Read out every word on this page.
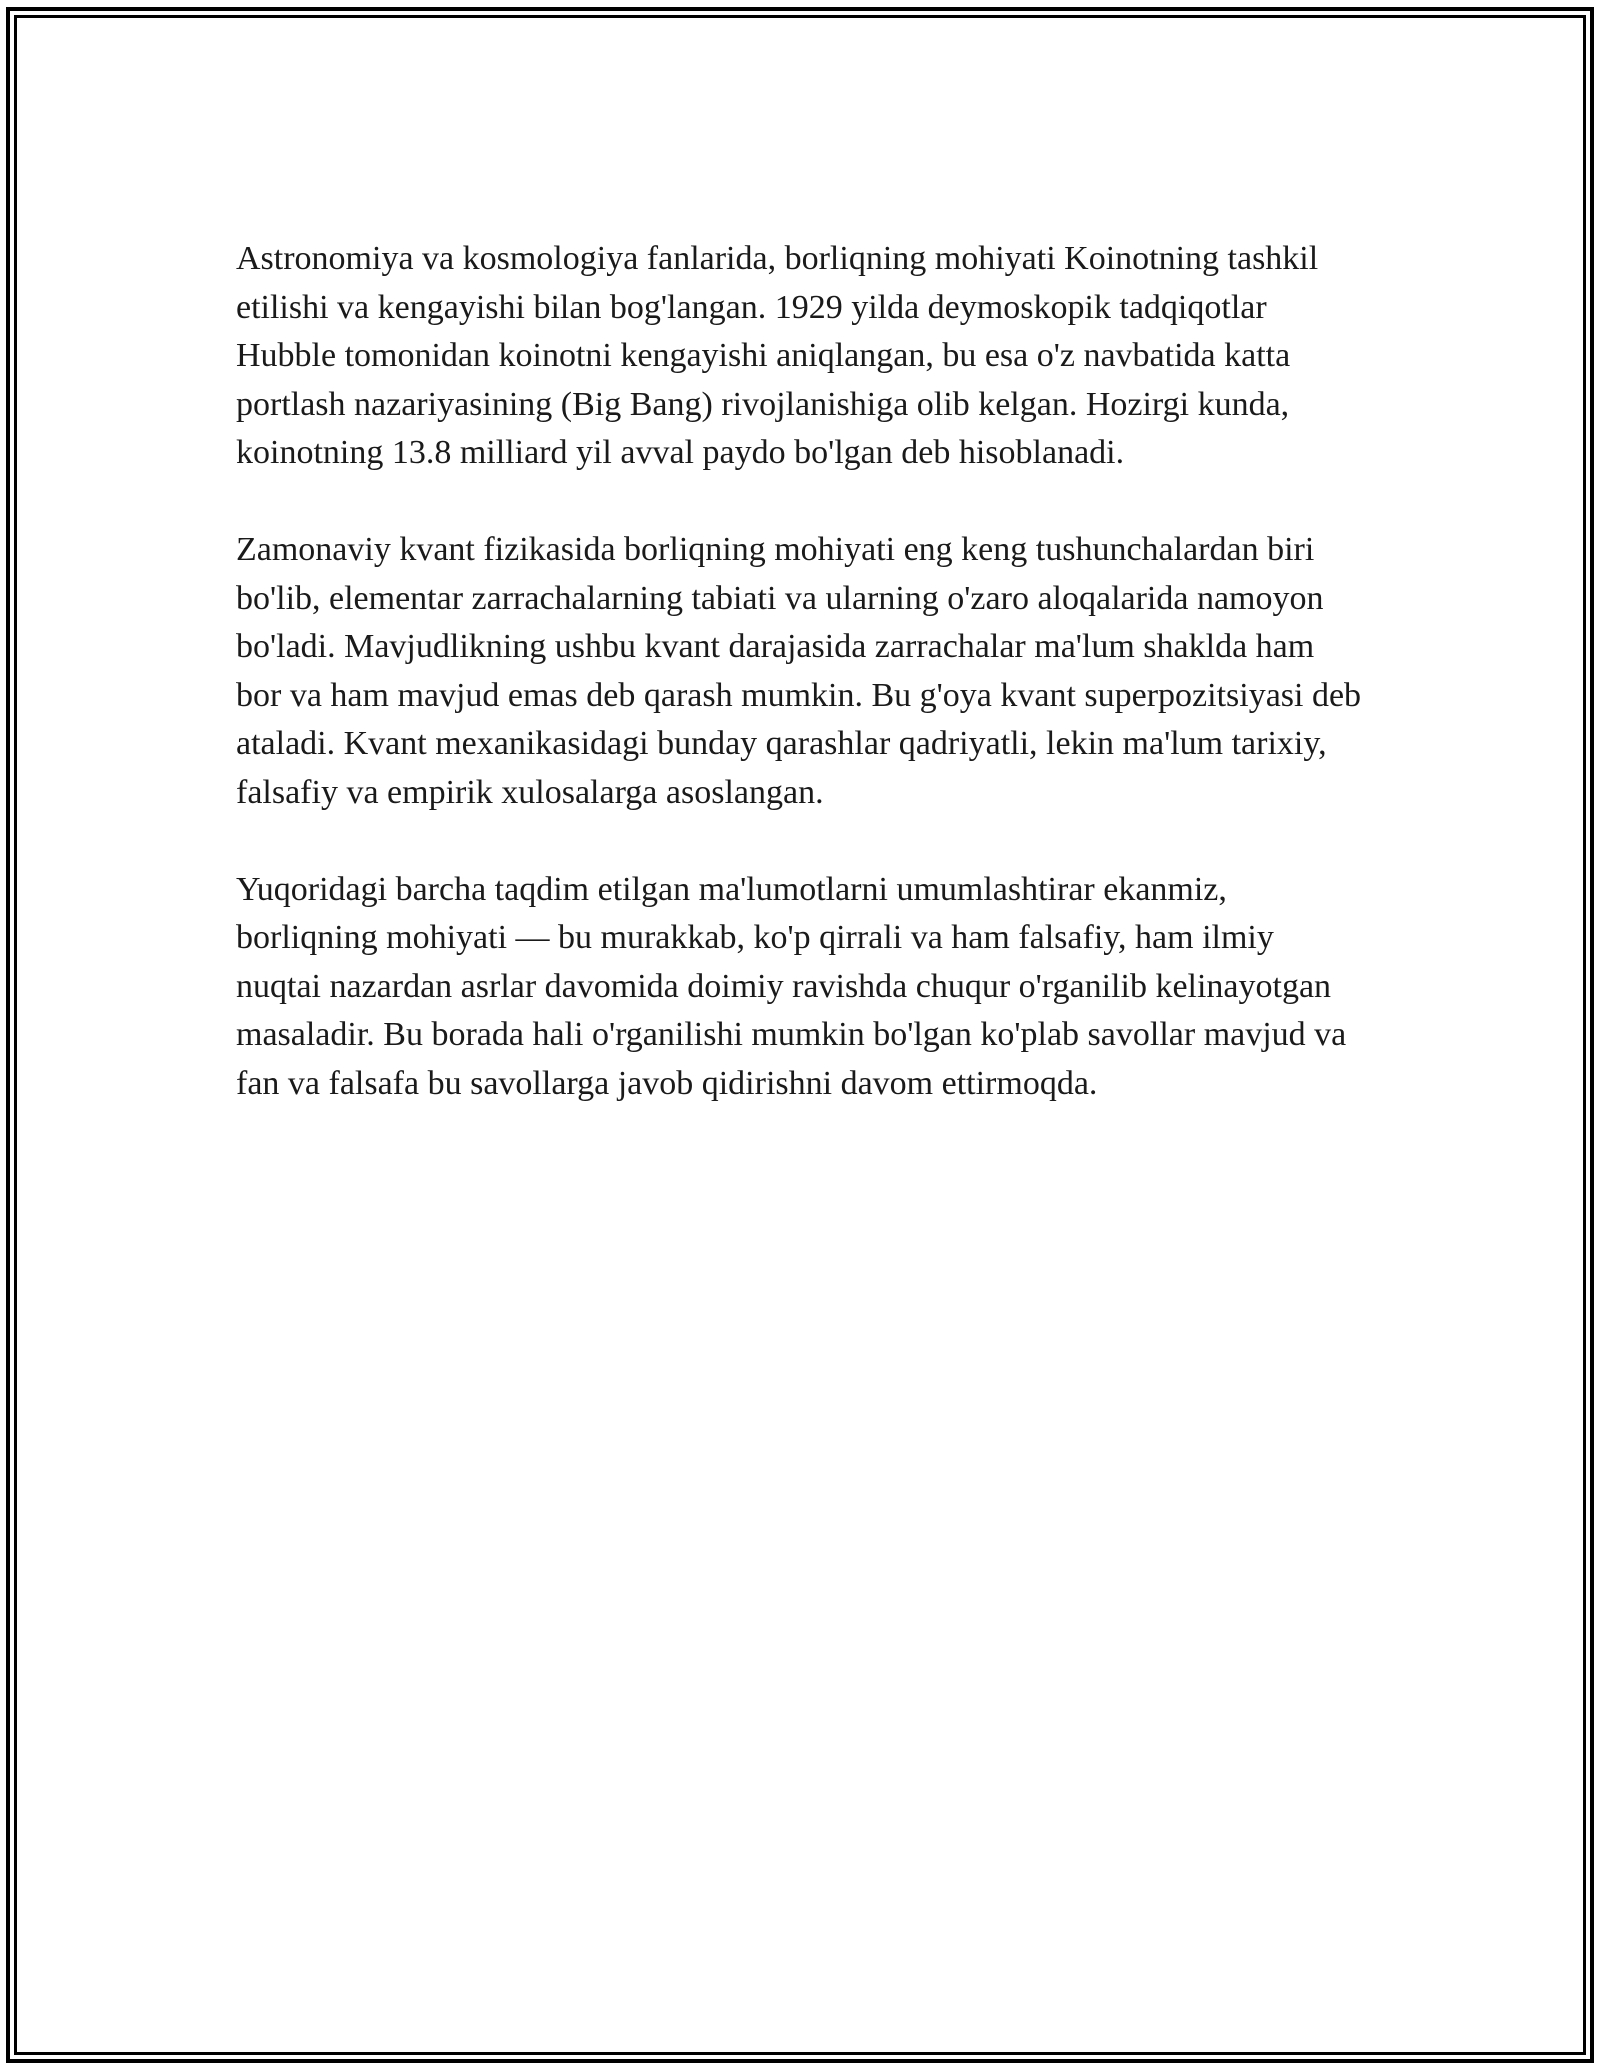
Astronomiya va kosmologiya fanlarida, borliqning mohiyati Koinotning tashkil etilishi va kengayishi bilan bog'langan. 1929 yilda deymoskopik tadqiqotlar Hubble tomonidan koinotni kengayishi aniqlangan, bu esa o'z navbatida katta portlash nazariyasining (Big Bang) rivojlanishiga olib kelgan. Hozirgi kunda, koinotning 13.8 milliard yil avval paydo bo'lgan deb hisoblanadi.

Zamonaviy kvant fizikasida borliqning mohiyati eng keng tushunchalardan biri bo'lib, elementar zarrachalarning tabiati va ularning o'zaro aloqalarida namoyon bo'ladi. Mavjudlikning ushbu kvant darajasida zarrachalar ma'lum shaklda ham bor va ham mavjud emas deb qarash mumkin. Bu g'oya kvant superpozitsiyasi deb ataladi. Kvant mexanikasidagi bunday qarashlar qadriyatli, lekin ma'lum tarixiy, falsafiy va empirik xulosalarga asoslangan.

Yuqoridagi barcha taqdim etilgan ma'lumotlarni umumlashtirar ekanmiz, borliqning mohiyati — bu murakkab, ko'p qirrali va ham falsafiy, ham ilmiy nuqtai nazardan asrlar davomida doimiy ravishda chuqur o'rganilib kelinayotgan masaladir. Bu borada hali o'rganilishi mumkin bo'lgan ko'plab savollar mavjud va fan va falsafa bu savollarga javob qidirishni davom ettirmoqda.
